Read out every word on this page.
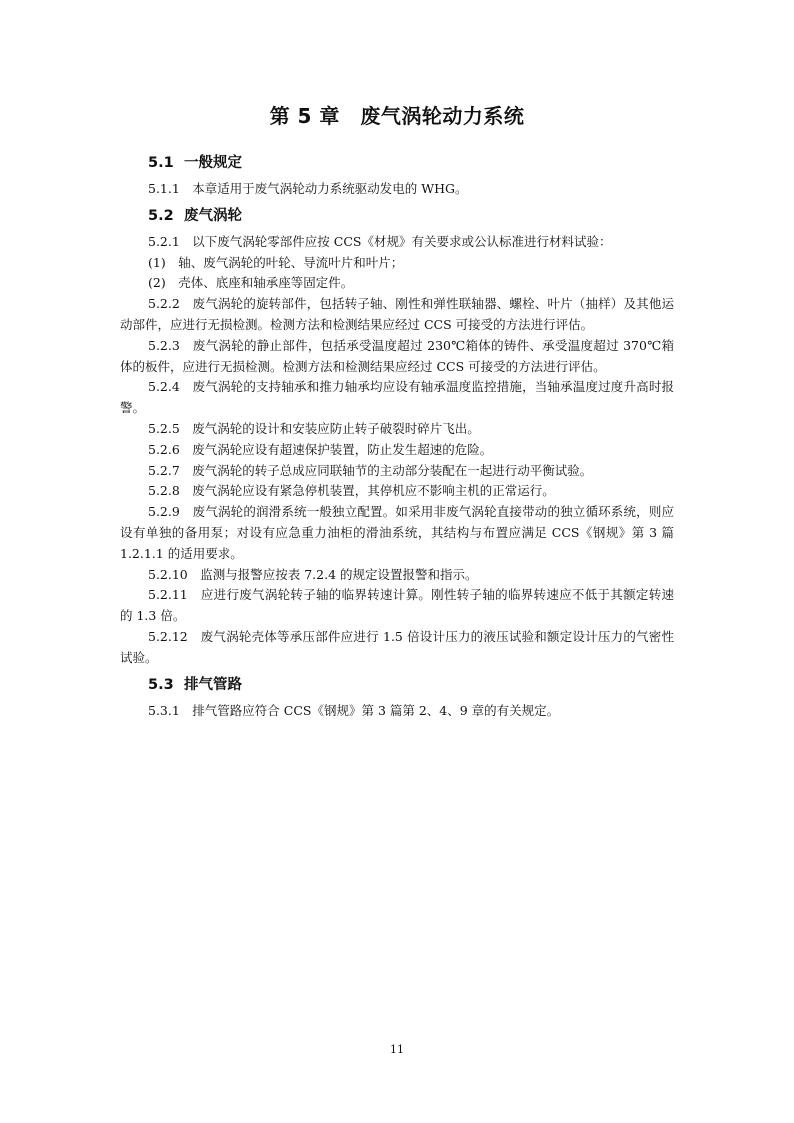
第 5 章　废气涡轮动力系统
5.1 一般规定

5.1.1　本章适用于废气涡轮动力系统驱动发电的 WHG。

5.2 废气涡轮

5.2.1　以下废气涡轮零部件应按 CCS《材规》有关要求或公认标准进行材料试验：

(1)　轴、废气涡轮的叶轮、导流叶片和叶片；

(2)　壳体、底座和轴承座等固定件。

5.2.2　废气涡轮的旋转部件，包括转子轴、刚性和弹性联轴器、螺栓、叶片（抽样）及其他运动部件，应进行无损检测。检测方法和检测结果应经过 CCS 可接受的方法进行评估。

5.2.3　废气涡轮的静止部件，包括承受温度超过 230℃箱体的铸件、承受温度超过 370℃箱体的板件，应进行无损检测。检测方法和检测结果应经过 CCS 可接受的方法进行评估。

5.2.4　废气涡轮的支持轴承和推力轴承均应设有轴承温度监控措施，当轴承温度过度升高时报警。

5.2.5　废气涡轮的设计和安装应防止转子破裂时碎片飞出。

5.2.6　废气涡轮应设有超速保护装置，防止发生超速的危险。

5.2.7　废气涡轮的转子总成应同联轴节的主动部分装配在一起进行动平衡试验。

5.2.8　废气涡轮应设有紧急停机装置，其停机应不影响主机的正常运行。

5.2.9　废气涡轮的润滑系统一般独立配置。如采用非废气涡轮直接带动的独立循环系统，则应设有单独的备用泵；对设有应急重力油柜的滑油系统，其结构与布置应满足 CCS《钢规》第 3 篇 1.2.1.1 的适用要求。

5.2.10　监测与报警应按表 7.2.4 的规定设置报警和指示。

5.2.11　应进行废气涡轮转子轴的临界转速计算。刚性转子轴的临界转速应不低于其额定转速的 1.3 倍。

5.2.12　废气涡轮壳体等承压部件应进行 1.5 倍设计压力的液压试验和额定设计压力的气密性试验。

5.3 排气管路

5.3.1　排气管路应符合 CCS《钢规》第 3 篇第 2、4、9 章的有关规定。

11
